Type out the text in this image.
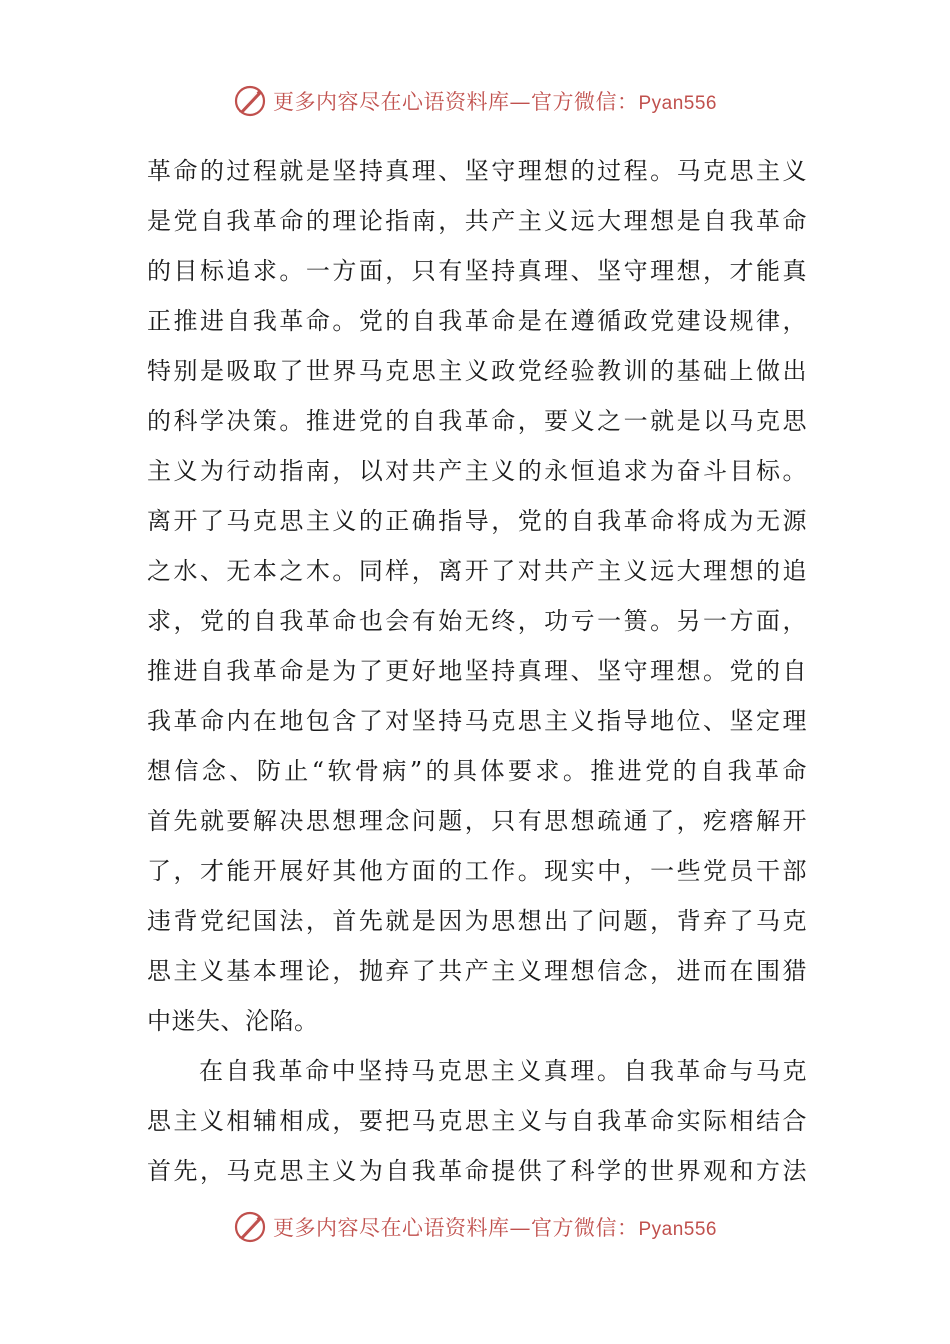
更多内容尽在心语资料库—官方微信：Pyan556
革命的过程就是坚持真理、坚守理想的过程。马克思主义
是党自我革命的理论指南，共产主义远大理想是自我革命
的目标追求。一方面，只有坚持真理、坚守理想，才能真
正推进自我革命。党的自我革命是在遵循政党建设规律，
特别是吸取了世界马克思主义政党经验教训的基础上做出
的科学决策。推进党的自我革命，要义之一就是以马克思
主义为行动指南，以对共产主义的永恒追求为奋斗目标。
离开了马克思主义的正确指导，党的自我革命将成为无源
之水、无本之木。同样，离开了对共产主义远大理想的追
求，党的自我革命也会有始无终，功亏一篑。另一方面，
推进自我革命是为了更好地坚持真理、坚守理想。党的自
我革命内在地包含了对坚持马克思主义指导地位、坚定理
想信念、防止“软骨病”的具体要求。推进党的自我革命
首先就要解决思想理念问题，只有思想疏通了，疙瘩解开
了，才能开展好其他方面的工作。现实中，一些党员干部
违背党纪国法，首先就是因为思想出了问题，背弃了马克
思主义基本理论，抛弃了共产主义理想信念，进而在围猎
中迷失、沦陷。
在自我革命中坚持马克思主义真理。自我革命与马克
思主义相辅相成，要把马克思主义与自我革命实际相结合
首先，马克思主义为自我革命提供了科学的世界观和方法
更多内容尽在心语资料库—官方微信：Pyan556
